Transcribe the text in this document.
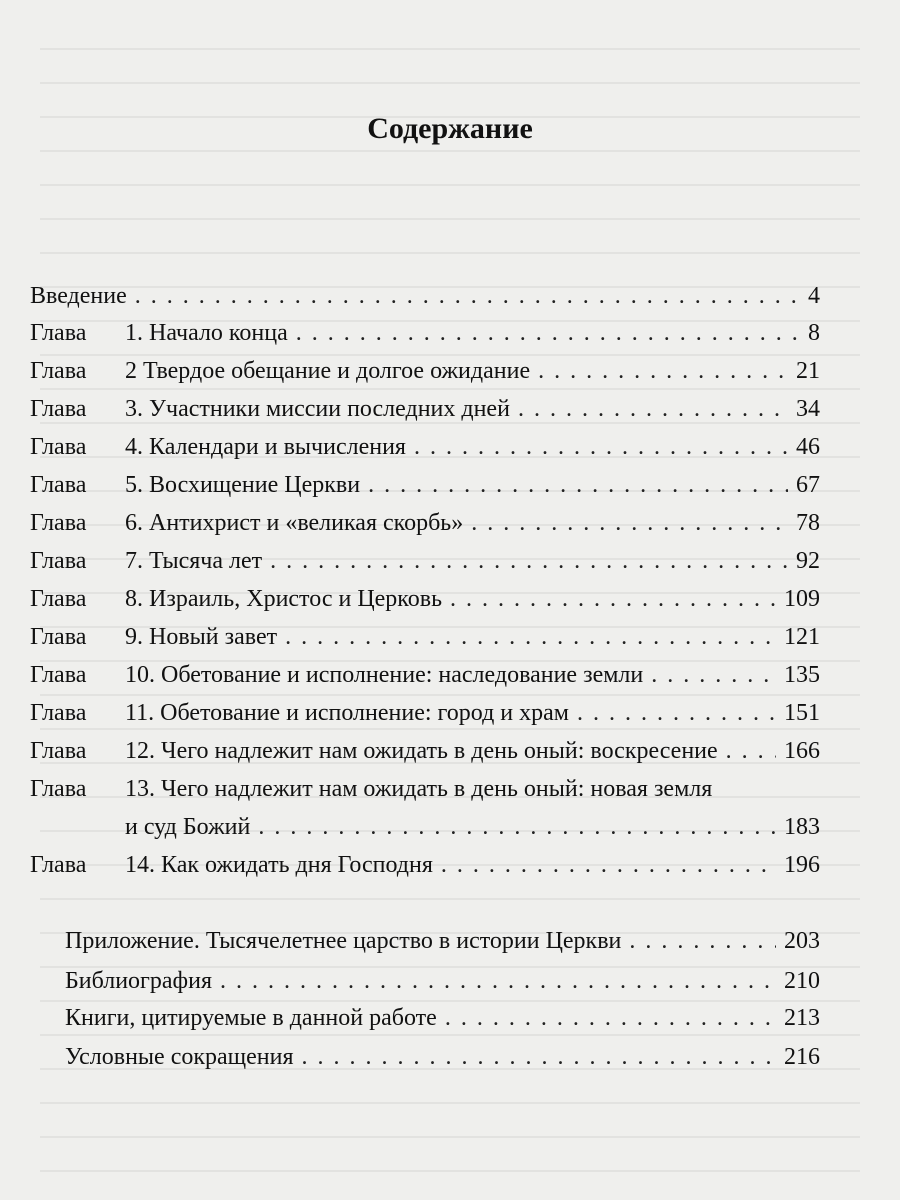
Содержание
Введение . . .	4
Глава	1. Начало конца . . .	8
Глава	2 Твердое обещание и долгое ожидание . . .	21
Глава	3. Участники миссии последних дней . . .	34
Глава	4. Календари и вычисления . . .	46
Глава	5. Восхищение Церкви . . .	67
Глава	6. Антихрист и «великая скорбь» . . .	78
Глава	7. Тысяча лет . . .	92
Глава	8. Израиль, Христос и Церковь . . .	109
Глава	9. Новый завет . . .	121
Глава	10. Обетование и исполнение: наследование земли . . .	135
Глава	11. Обетование и исполнение: город и храм . . .	151
Глава	12. Чего надлежит нам ожидать в день оный: воскресение . . .	166
Глава 13. Чего надлежит нам ожидать в день оный: новая земля
и суд Божий . . .	183
Глава	14. Как ожидать дня Господня . . .	196
Приложение. Тысячелетнее царство в истории Церкви . . .	203
Библиография . . .	210
Книги, цитируемые в данной работе . . .	213
Условные сокращения . . .	216
